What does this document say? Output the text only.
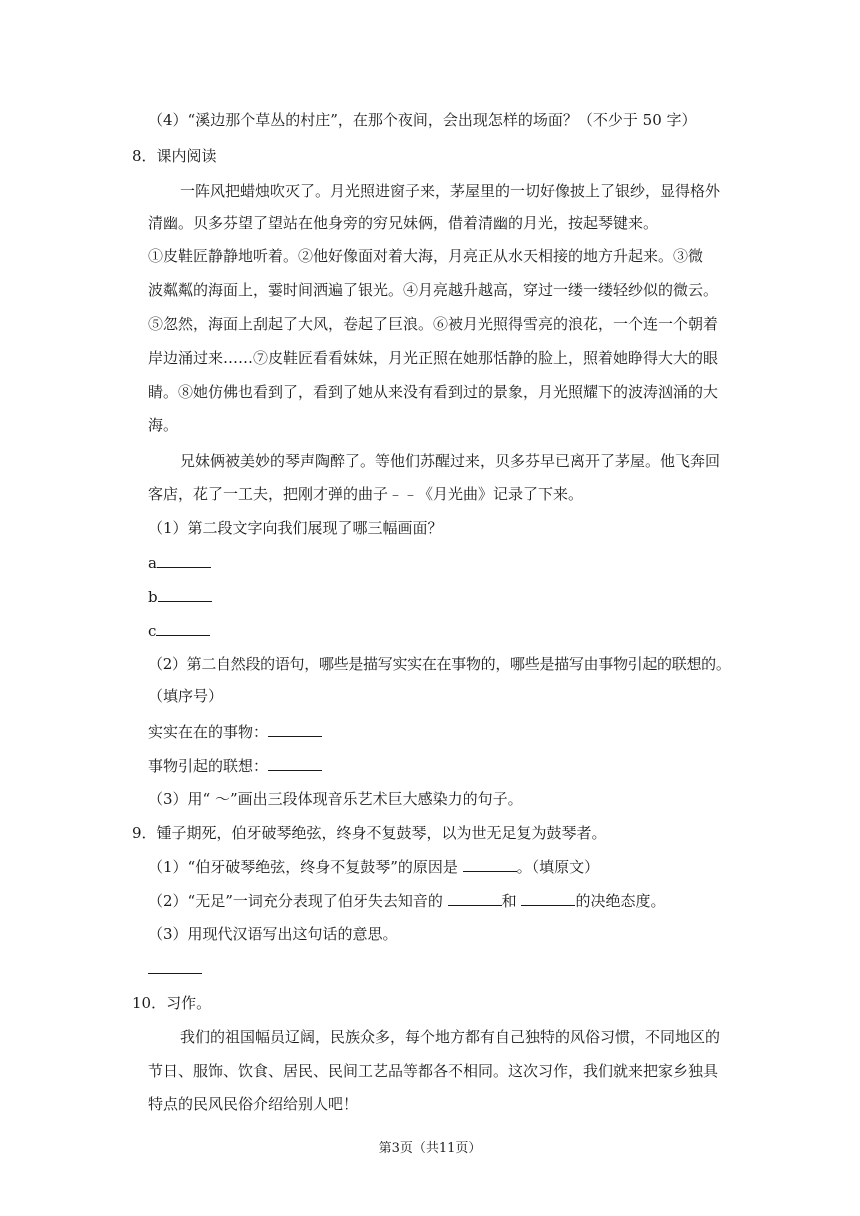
（4）“溪边那个草丛的村庄”，在那个夜间，会出现怎样的场面？（不少于 50 字）
8．课内阅读
一阵风把蜡烛吹灭了。月光照进窗子来，茅屋里的一切好像披上了银纱，显得格外
清幽。贝多芬望了望站在他身旁的穷兄妹俩，借着清幽的月光，按起琴键来。
①皮鞋匠静静地听着。②他好像面对着大海，月亮正从水天相接的地方升起来。③微
波粼粼的海面上，霎时间洒遍了银光。④月亮越升越高，穿过一缕一缕轻纱似的微云。
⑤忽然，海面上刮起了大风，卷起了巨浪。⑥被月光照得雪亮的浪花，一个连一个朝着
岸边涌过来……⑦皮鞋匠看看妹妹，月光正照在她那恬静的脸上，照着她睁得大大的眼
睛。⑧她仿佛也看到了，看到了她从来没有看到过的景象，月光照耀下的波涛汹涌的大
海。
兄妹俩被美妙的琴声陶醉了。等他们苏醒过来，贝多芬早已离开了茅屋。他飞奔回
客店，花了一工夫，把刚才弹的曲子﹣﹣《月光曲》记录了下来。
（1）第二段文字向我们展现了哪三幅画面？
a
b
c
（2）第二自然段的语句，哪些是描写实实在在事物的，哪些是描写由事物引起的联想的。
（填序号）
实实在在的事物：
事物引起的联想：
（3）用“ ～”画出三段体现音乐艺术巨大感染力的句子。
9．锺子期死，伯牙破琴绝弦，终身不复鼓琴，以为世无足复为鼓琴者。
（1）“伯牙破琴绝弦，终身不复鼓琴”的原因是	。（填原文）
（2）“无足”一词充分表现了伯牙失去知音的	和	的决绝态度。
（3）用现代汉语写出这句话的意思。
10．习作。
我们的祖国幅员辽阔，民族众多，每个地方都有自己独特的风俗习惯，不同地区的
节日、服饰、饮食、居民、民间工艺品等都各不相同。这次习作，我们就来把家乡独具
特点的民风民俗介绍给别人吧！
第3页（共11页）
